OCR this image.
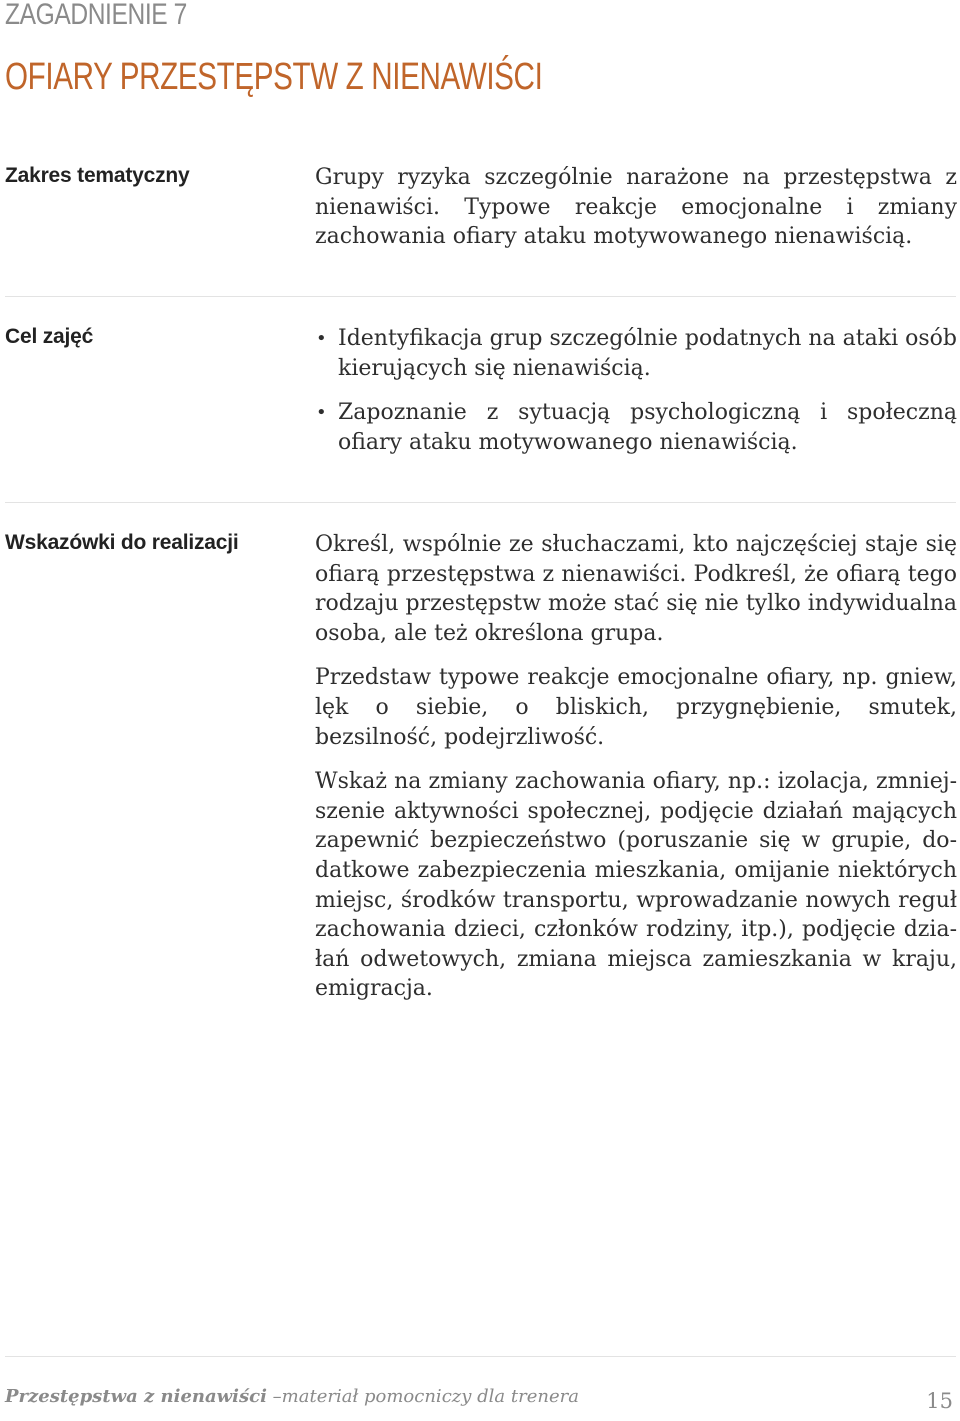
ZAGADNIENIE 7
OFIARY PRZESTĘPSTW Z NIENAWIŚCI
Zakres tematyczny	Grupy ryzyka szczególnie narażone na przestępstwa z nienawiści. Typowe reakcje emocjonalne i zmiany zachowania ofiary ataku motywowanego nienawiścią.

Cel zajęć	• Identyfikacja grup szczególnie podatnych na ataki osób kierujących się nienawiścią.
• Zapoznanie z sytuacją psychologiczną i społeczną ofiary ataku motywowanego nienawiścią.
Wskazówki do realizacji	Określ, wspólnie ze słuchaczami, kto najczęściej staje się ofiarą przestępstwa z nienawiści. Podkreśl, że ofiarą tego rodzaju przestępstw może stać się nie tylko indywidualna osoba, ale też określona grupa.

Przedstaw typowe reakcje emocjonalne ofiary, np. gniew, lęk o siebie, o bliskich, przygnębienie, smutek, bezsilność, podejrzliwość.

Wskaż na zmiany zachowania ofiary, np.: izolacja, zmniejszenie aktywności społecznej, podjęcie działań mających zapewnić bezpieczeństwo (poruszanie się w grupie, dodatkowe zabezpieczenia mieszkania, omijanie niektórych miejsc, środków transportu, wprowadzanie nowych reguł zachowania dzieci, członków rodziny, itp.), podjęcie działań odwetowych, zmiana miejsca zamieszkania w kraju, emigracja.

Przestępstwa z nienawiści –materiał pomocniczy dla trenera	15
